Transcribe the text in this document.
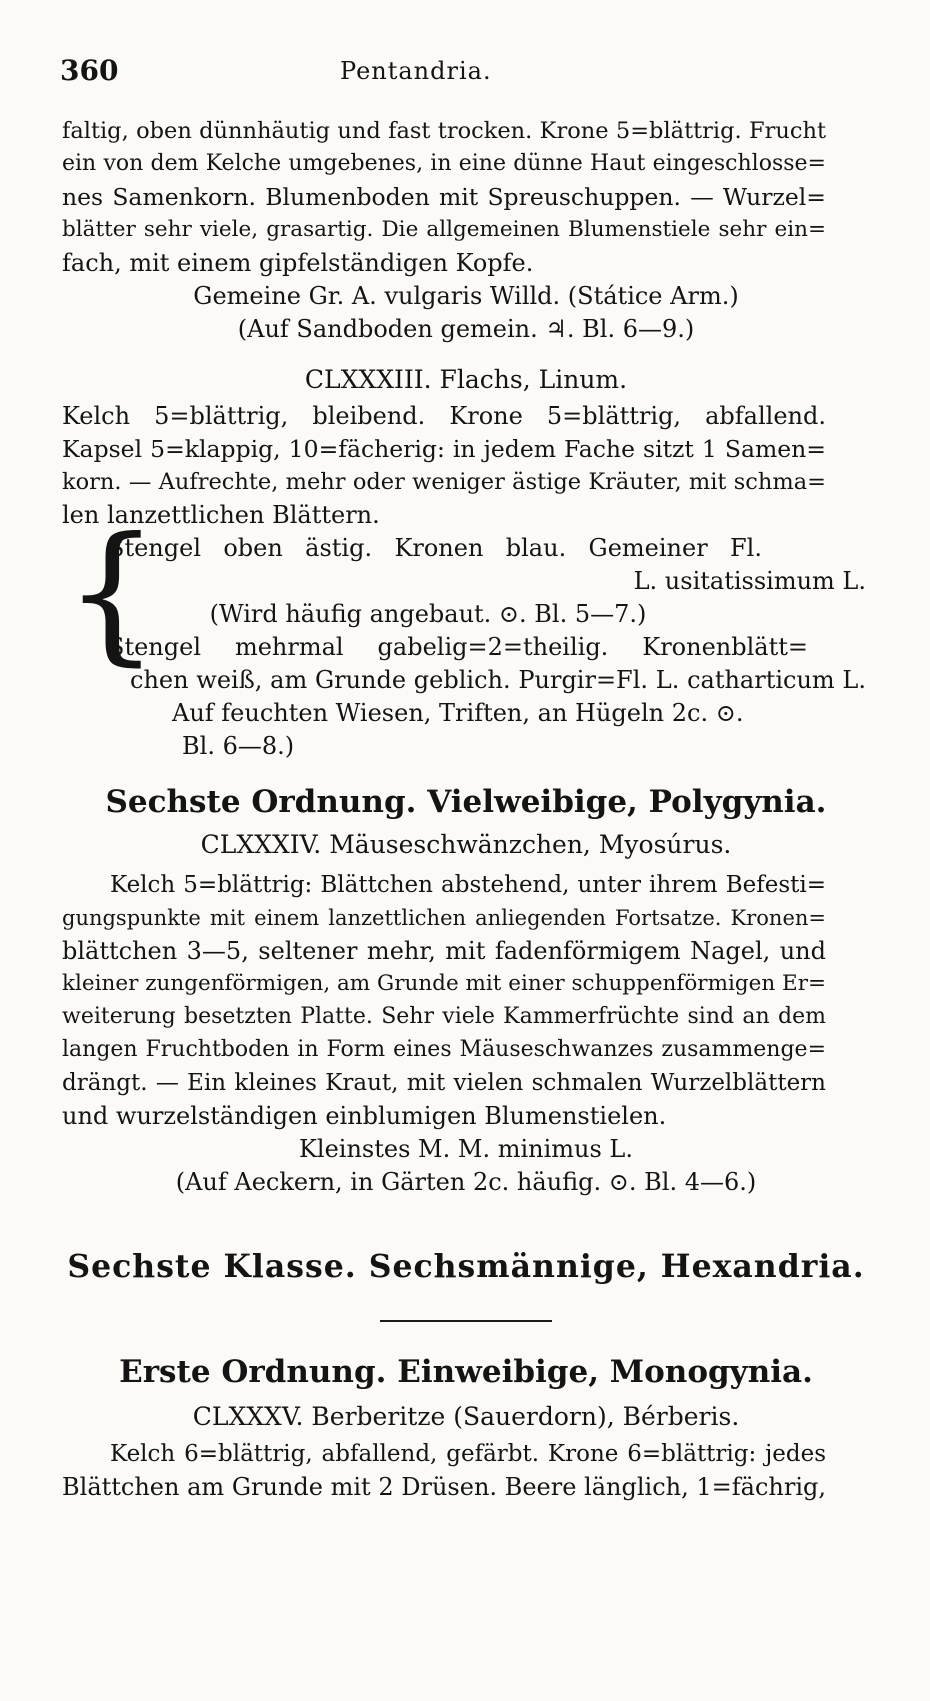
360	Pentandria.
faltig, oben dünnhäutig und fast trocken. Krone 5=blättrig. Frucht
ein von dem Kelche umgebenes, in eine dünne Haut eingeschlosse=
nes Samenkorn. Blumenboden mit Spreuschuppen. — Wurzel=
blätter sehr viele, grasartig. Die allgemeinen Blumenstiele sehr ein=
fach, mit einem gipfelständigen Kopfe.
Gemeine Gr. A. vulgaris Willd. (Státice Arm.)
(Auf Sandboden gemein. ♃. Bl. 6—9.)
CLXXXIII. Flachs, Linum.
Kelch 5=blättrig, bleibend. Krone 5=blättrig, abfallend.
Kapsel 5=klappig, 10=fächerig: in jedem Fache sitzt 1 Samen=
korn. — Aufrechte, mehr oder weniger ästige Kräuter, mit schma=
len lanzettlichen Blättern.
{
Stengel oben ästig. Kronen blau. Gemeiner Fl.
L. usitatissimum L.
(Wird häufig angebaut. ⊙. Bl. 5—7.)
Stengel mehrmal gabelig=2=theilig. Kronenblätt=
chen weiß, am Grunde geblich. Purgir=Fl. L. catharticum L.
Auf feuchten Wiesen, Triften, an Hügeln 2c. ⊙.
Bl. 6—8.)
Sechste Ordnung. Vielweibige, Polygynia.
CLXXXIV. Mäuseschwänzchen, Myosúrus.
Kelch 5=blättrig: Blättchen abstehend, unter ihrem Befesti=
gungspunkte mit einem lanzettlichen anliegenden Fortsatze. Kronen=
blättchen 3—5, seltener mehr, mit fadenförmigem Nagel, und
kleiner zungenförmigen, am Grunde mit einer schuppenförmigen Er=
weiterung besetzten Platte. Sehr viele Kammerfrüchte sind an dem
langen Fruchtboden in Form eines Mäuseschwanzes zusammenge=
drängt. — Ein kleines Kraut, mit vielen schmalen Wurzelblättern
und wurzelständigen einblumigen Blumenstielen.
Kleinstes M. M. minimus L.
(Auf Aeckern, in Gärten 2c. häufig. ⊙. Bl. 4—6.)
Sechste Klasse. Sechsmännige, Hexandria.
Erste Ordnung. Einweibige, Monogynia.
CLXXXV. Berberitze (Sauerdorn), Bérberis.
Kelch 6=blättrig, abfallend, gefärbt. Krone 6=blättrig: jedes
Blättchen am Grunde mit 2 Drüsen. Beere länglich, 1=fächrig,
